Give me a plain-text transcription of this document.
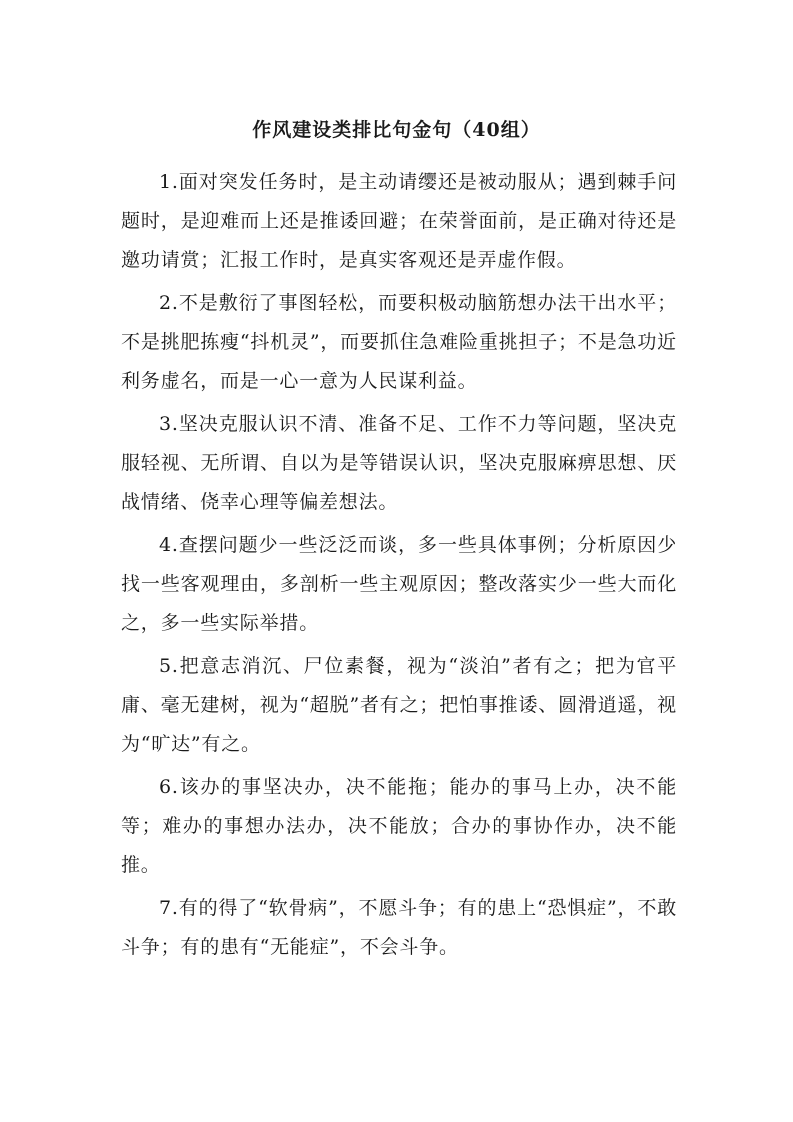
作风建设类排比句金句（40组）

1.面对突发任务时，是主动请缨还是被动服从；遇到棘手问题时，是迎难而上还是推诿回避；在荣誉面前，是正确对待还是邀功请赏；汇报工作时，是真实客观还是弄虚作假。

2.不是敷衍了事图轻松，而要积极动脑筋想办法干出水平；不是挑肥拣瘦“抖机灵”，而要抓住急难险重挑担子；不是急功近利务虚名，而是一心一意为人民谋利益。

3.坚决克服认识不清、准备不足、工作不力等问题，坚决克服轻视、无所谓、自以为是等错误认识，坚决克服麻痹思想、厌战情绪、侥幸心理等偏差想法。

4.查摆问题少一些泛泛而谈，多一些具体事例；分析原因少找一些客观理由，多剖析一些主观原因；整改落实少一些大而化之，多一些实际举措。

5.把意志消沉、尸位素餐，视为“淡泊”者有之；把为官平庸、毫无建树，视为“超脱”者有之；把怕事推诿、圆滑逍遥，视为“旷达”有之。

6.该办的事坚决办，决不能拖；能办的事马上办，决不能等；难办的事想办法办，决不能放；合办的事协作办，决不能推。

7.有的得了“软骨病”，不愿斗争；有的患上“恐惧症”，不敢斗争；有的患有“无能症”，不会斗争。
